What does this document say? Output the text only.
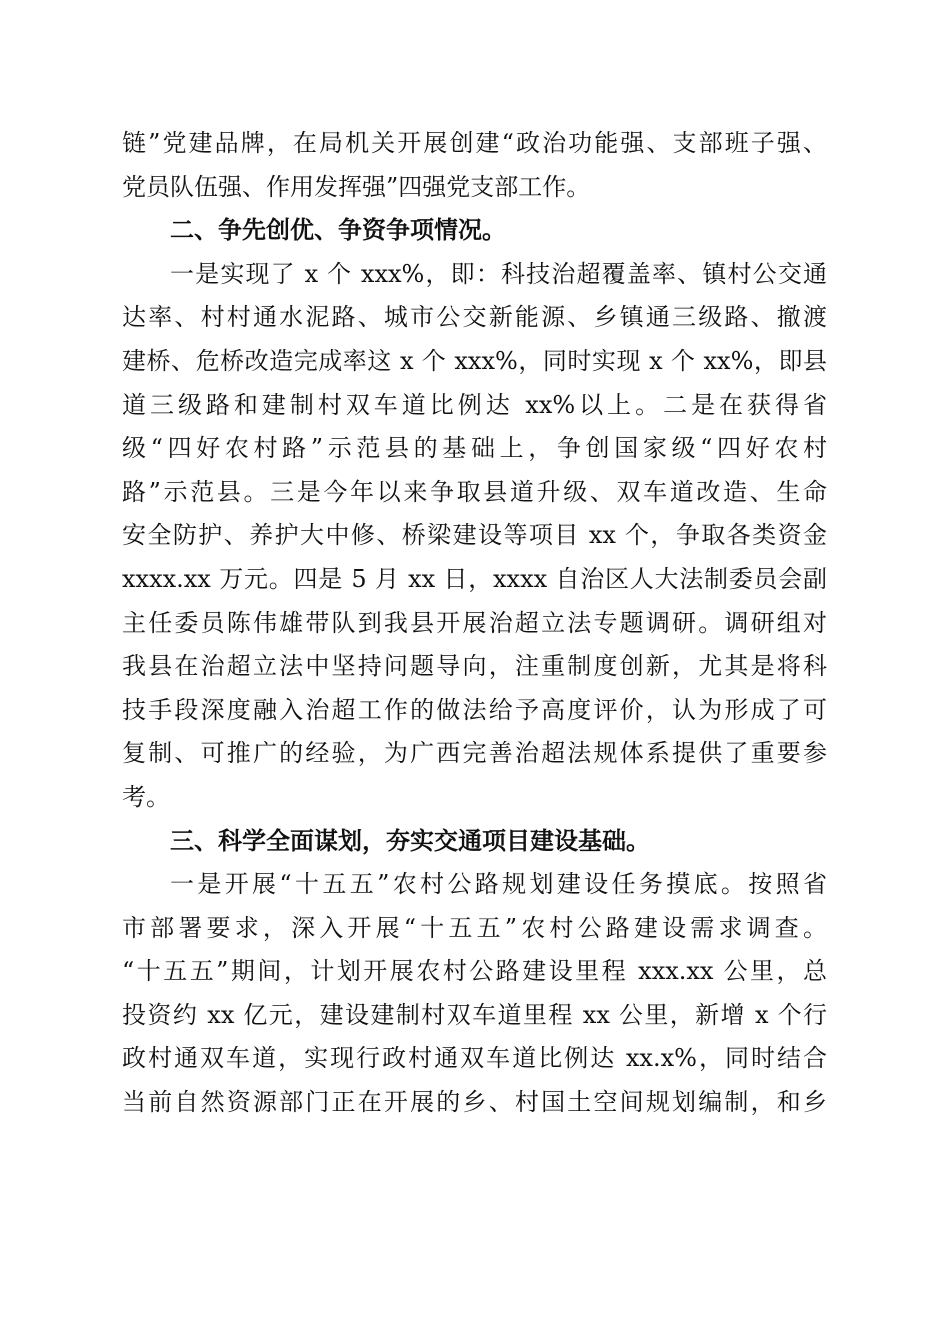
链”党建品牌，在局机关开展创建“政治功能强、支部班子强、
党员队伍强、作用发挥强”四强党支部工作。
二、争先创优、争资争项情况。
一是实现了 x 个 xxx%，即：科技治超覆盖率、镇村公交通
达率、村村通水泥路、城市公交新能源、乡镇通三级路、撤渡
建桥、危桥改造完成率这 x 个 xxx%，同时实现 x 个 xx%，即县
道三级路和建制村双车道比例达 xx%以上。二是在获得省
级“四好农村路”示范县的基础上，争创国家级“四好农村
路”示范县。三是今年以来争取县道升级、双车道改造、生命
安全防护、养护大中修、桥梁建设等项目 xx 个，争取各类资金
xxxx.xx 万元。四是 5 月 xx 日，xxxx 自治区人大法制委员会副
主任委员陈伟雄带队到我县开展治超立法专题调研。调研组对
我县在治超立法中坚持问题导向，注重制度创新，尤其是将科
技手段深度融入治超工作的做法给予高度评价，认为形成了可
复制、可推广的经验，为广西完善治超法规体系提供了重要参
考。
三、科学全面谋划，夯实交通项目建设基础。
一是开展“十五五”农村公路规划建设任务摸底。按照省
市部署要求，深入开展“十五五”农村公路建设需求调查。
“十五五”期间，计划开展农村公路建设里程 xxx.xx 公里，总
投资约 xx 亿元，建设建制村双车道里程 xx 公里，新增 x 个行
政村通双车道，实现行政村通双车道比例达 xx.x%，同时结合
当前自然资源部门正在开展的乡、村国土空间规划编制，和乡
